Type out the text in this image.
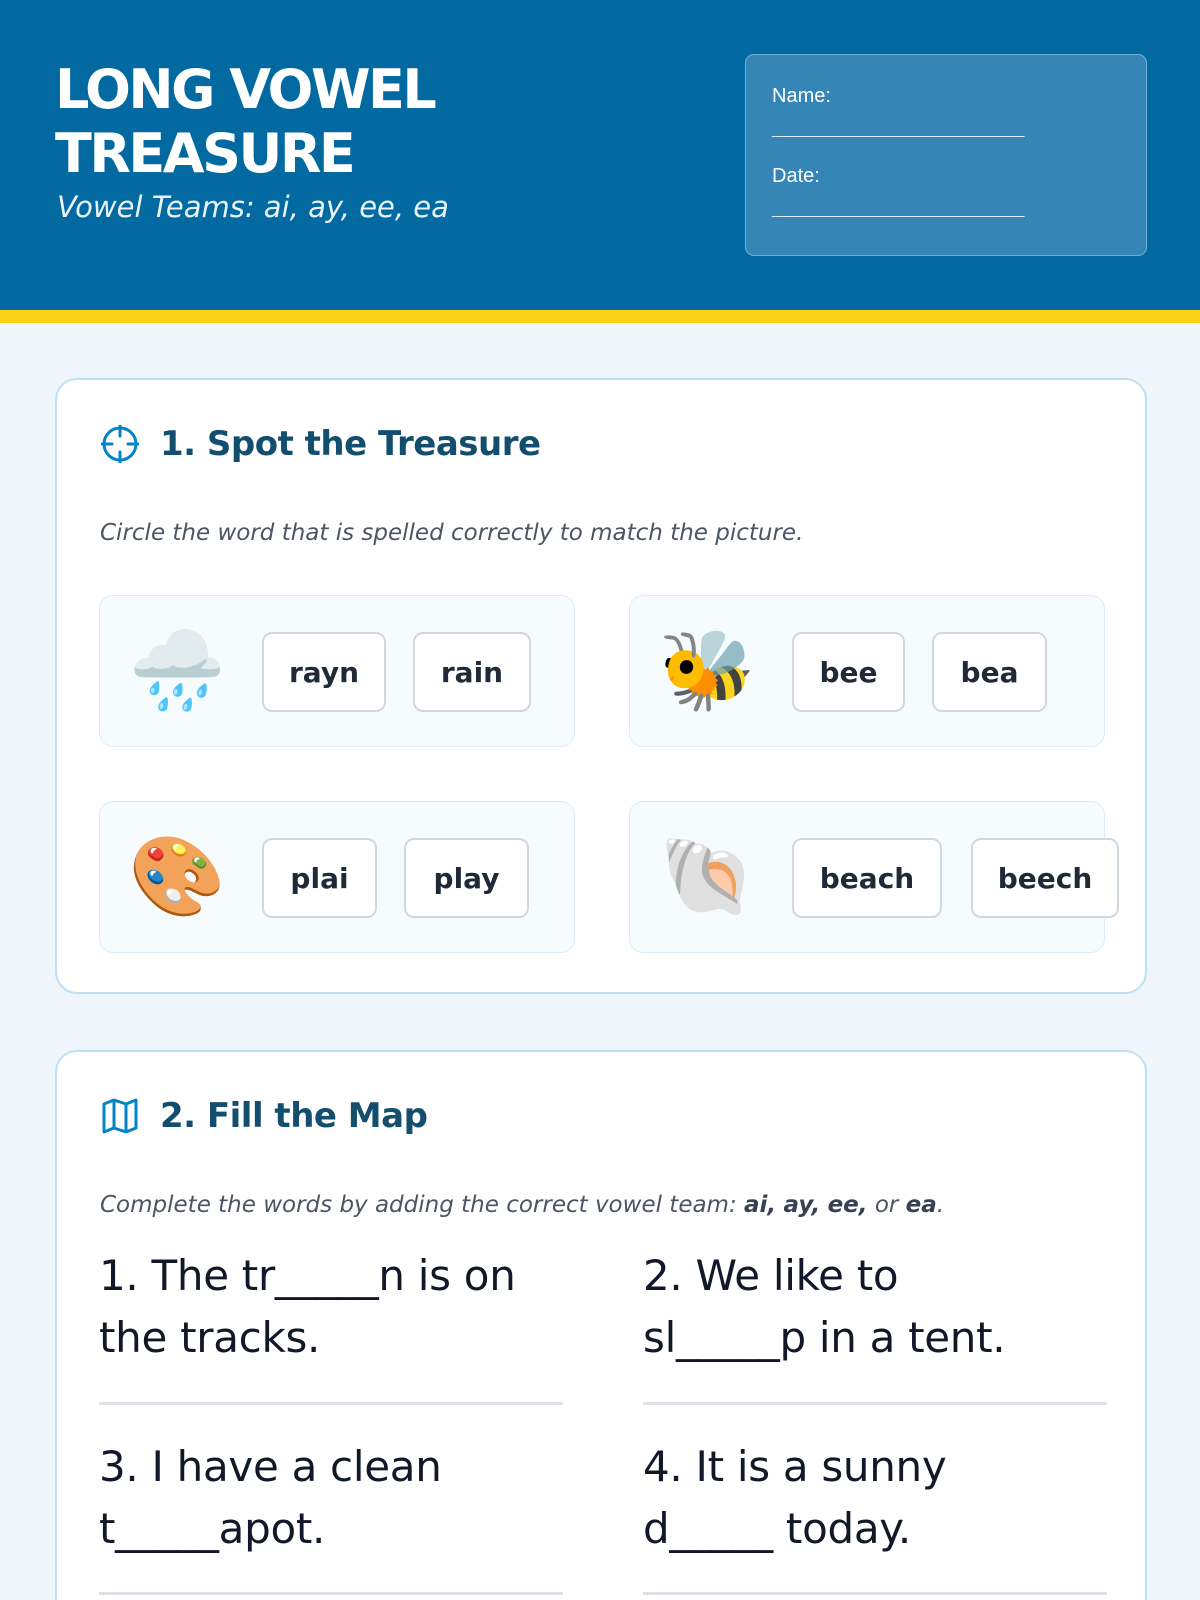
LONG VOWEL
TREASURE
Vowel Teams: ai, ay, ee, ea
Name:
______________________________
Date:
______________________________
1. Spot the Treasure
Circle the word that is spelled correctly to match the picture.
🌧️	rayn	rain	🐝	bee	bea
🎨	plai	play	🐚	beach	beech
2. Fill the Map
Complete the words by adding the correct vowel team: ai, ay, ee, or ea.
1. The tr_____n is on
the tracks.
2. We like to
sl_____p in a tent.
3. I have a clean
t_____apot.
4. It is a sunny
d_____ today.
